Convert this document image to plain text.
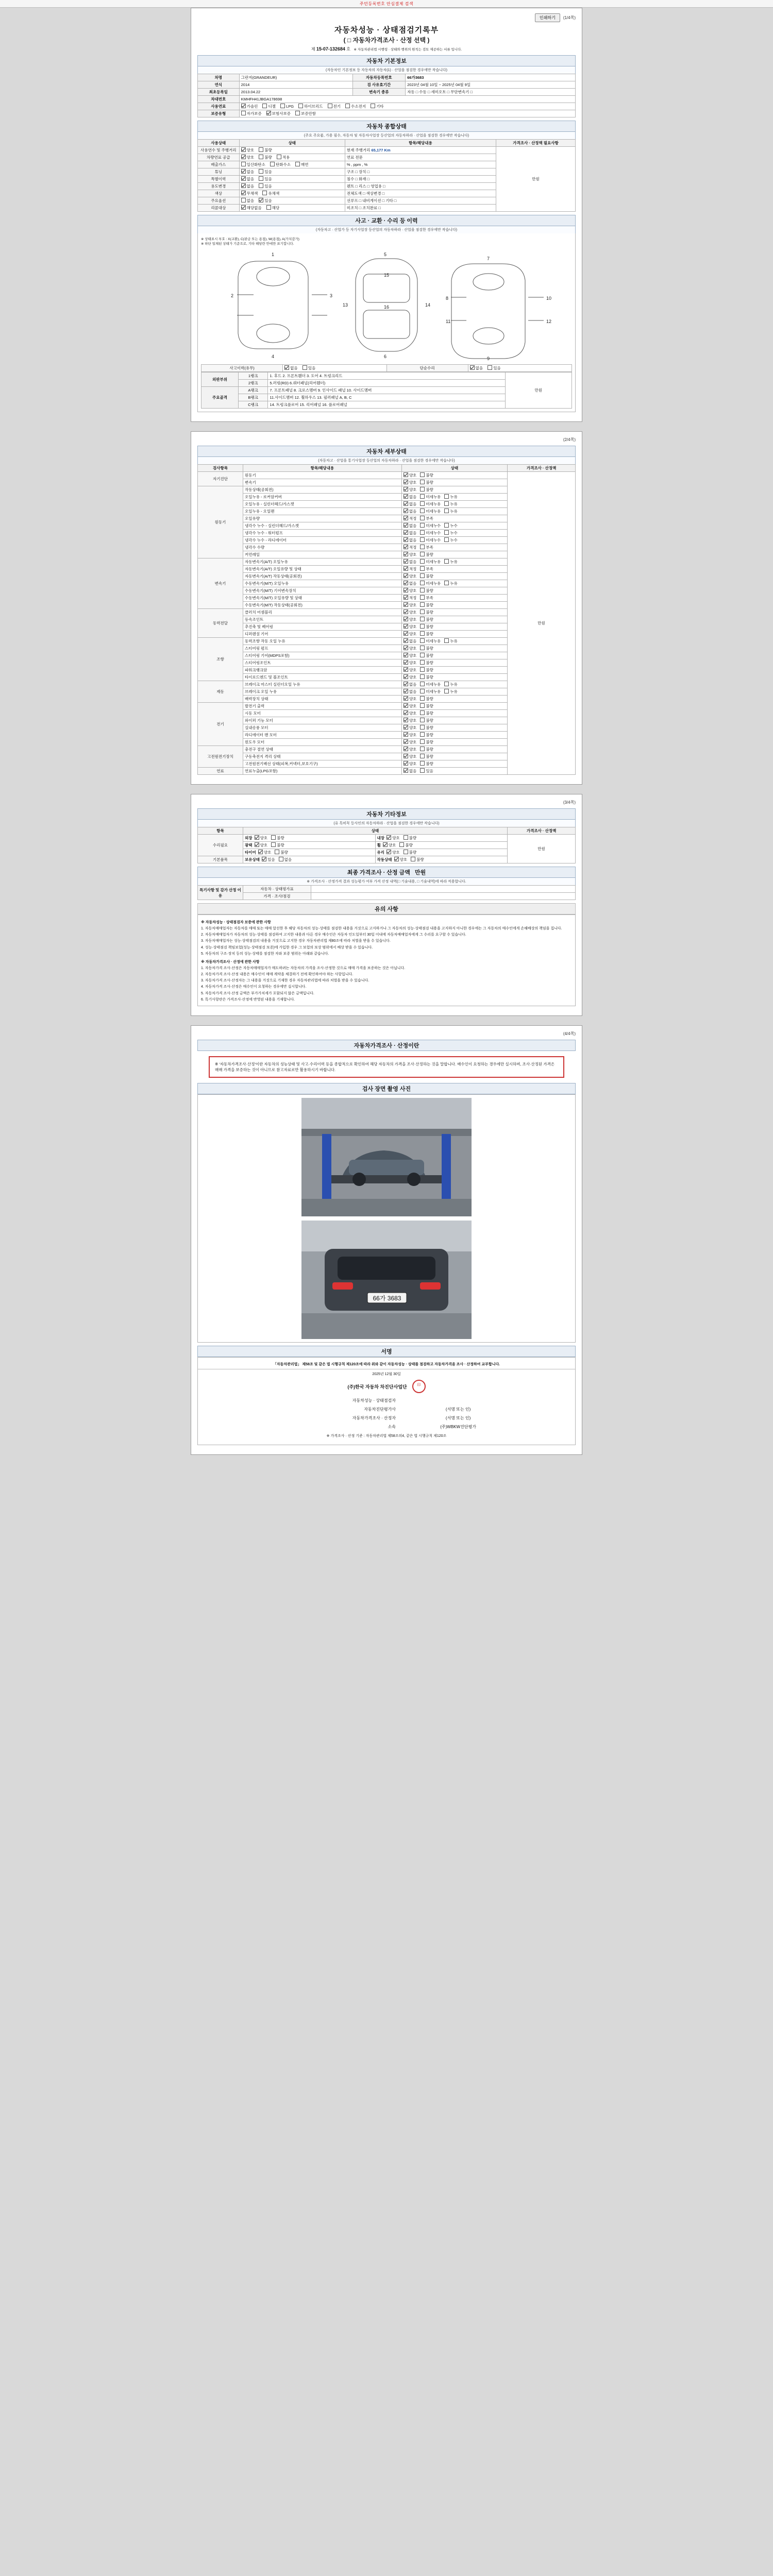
주민등록번호 안심결제 검색
인쇄하기	(1/4쪽)
자동차성능 · 상태점검기록부
( □ 자동차가격조사 · 산정 선택 )
제 15-07-132684 호 ※ 자동차관리법 시행령 · 상태와 행위의 원칙는 검토 제공하는 서류 입니다.
자동차 기본정보
(자동차인 기본정보 등 자동차의 자동차(1) · 산업을 점검한 경우에만 작습니다)
차명	그란저(GRANDEUR)	자동차등록번호	66가3683
연식	2014	검 사유효기간	2023년 04월 10일 ~ 2025년 04월 9일
최초등록일	2013.04.22	변속기 종류	자동 □ 수동 □ 세미오토 □ 무단변속기 □
차대번호	KMHFH41JBGA178698		
사용연료	가솔린 디젤 LPG 하이브리드 전기 수소전지 기타		
보증유형	자가보증 보험사보증 보증안함		
자동차 종합상태
(주요 주요품, 가용 필수, 자동차 및 자동차사업장 등산업의 자동차하라 · 산업을 점검한 경우에만 작습니다)
사용상태	상태	항목/해당내용	가격조사 · 산정액 필요사항
사용연수 및 주행거리	양호 불량	현재 주행거리 65,177 Km	만원
차량연료 공급	양호 불량 적용	연료 전문	
배출가스	일산화탄소 탄화수소 매연	% , ppm , %	
튜닝	없음 있음	구조 □ 장치 □	
특별이력	없음 있음	침수 □ 화재 □	
용도변경	없음 있음	렌트 □ 리스 □ 영업용 □	
색상	무채색 유채색	전체도색 □ 색상변경 □	
주요옵션	없음 있음	선루프 □ 내비게이션 □ 기타 □	
리콜대상	해당없음 해당	미조치 □ 조치완료 □	
사고 · 교환 · 수리 등 이력
(자동차고 · 산업가 등 자기사업장 등산업의 자동차하라 · 산업을 점검한 경우에만 작습니다)
※ 상태표시 부호 : X(교환), C(판금 또는 용접), W(용접), A(가치감가)
※ 하단 일체된 상태가 기준으로, 기타 해당란 안에만 표기합니다.
1
4
2	3
5
6
16
7
9
8	10
11	12
13	14
15
사고이력(유무)	없음	있음	단순수리	없음	있음
외판부위	1랭크	1. 후드 2. 프론트휀더 3. 도어 4. 트렁크리드	만원
	2랭크	5.러링(RD) 6.쿼터패널(리어휀더)	
주요골격	A랭크	7. 프론트패널 8. 크로스멤버 9. 인사이드 패널 10. 사이드멤버	
	B랭크	11.사이드멤버 12. 휠하우스 13. 필러패널 A, B, C	
	C랭크	14. 트렁크플로어 15. 리어패널 16. 플로어패널	
(2/4쪽)
자동차 세부상태
(자동차고 · 산업을 통기사업장 등산업의 자동차하라 · 산업을 점검한 경우에만 작습니다)
검사항목	항목/해당내용	상태	가격조사 · 산정액
자기진단	원동기	양호 불량	만원
	변속기	양호 불량	
원동기	작동상태(공회전)	양호 불량	
	오일누유 - 로커암커버	없음 미세누유 누유	
	오일누유 - 실린더헤드/가스켓	없음 미세누유 누유	
	오일누유 - 오일팬	없음 미세누유 누유	
	오일유량	적정 부족	
	냉각수 누수 - 실린더헤드/가스켓	없음 미세누수 누수	
	냉각수 누수 - 워터펌프	없음 미세누수 누수	
	냉각수 누수 - 라디에이터	없음 미세누수 누수	
	냉각수 수량	적정 부족	
	커먼레일	양호 불량	
변속기	자동변속기(A/T) 오일누유	없음 미세누유 누유	
	자동변속기(A/T) 오일유량 및 상태	적정 부족	
	자동변속기(A/T) 작동상태(공회전)	양호 불량	
	수동변속기(M/T) 오일누유	없음 미세누유 누유	
	수동변속기(M/T) 기어변속장치	양호 불량	
	수동변속기(M/T) 오일유량 및 상태	적정 부족	
	수동변속기(M/T) 작동상태(공회전)	양호 불량	
동력전달	클러치 어셈블리	양호 불량	
	등속조인트	양호 불량	
	추진축 및 베어링	양호 불량	
	디퍼렌셜 기어	양호 불량	
조향	동력조향 작동 오일 누유	없음 미세누유 누유	
	스티어링 펌프	양호 불량	
	스티어링 기어(MDPS포함)	양호 불량	
	스티어링조인트	양호 불량	
	파워크랭크암	양호 불량	
	타이로드엔드 및 볼조인트	양호 불량	
제동	브레이크 마스터 실린더오일 누유	없음 미세누유 누유	
	브레이크 오일 누유	없음 미세누유 누유	
	배력장치 상태	양호 불량	
전기	발전기 출력	양호 불량	
	시동 모터	양호 불량	
	와이퍼 기능 모터	양호 불량	
	실내송풍 모터	양호 불량	
	라디에이터 팬 모터	양호 불량	
	윈도우 모터	양호 불량	
고전원전기장치	충전구 절연 상태	양호 불량	
	구동축전지 격리 상태	양호 불량	
	고전원전기배선 상태(피복,커넥터,보호기구)	양호 불량	
연료	연료누출(LPG포함)	없음 있음	
(3/4쪽)
자동차 기타정보
(유 특히꼭 등사인의 자동차하라 · 산업을 점검한 경우에만 작습니다)
항목	상태		가격조사 · 산정액
수리필요	외장 양호 불량	내장 양호 불량	만원
	광택 양호 불량	휠 양호 불량	
	타이어 양호 불량	유리 양호 불량	
기본품목	보유상태 있음 없음	작동상태 양호 불량	
최종 가격조사 · 산정 금액 만원
※ 가격조사 · 산정가격 결과 성능평가 여부 가격 산정 내역(□ 기술내용, □ 기술내역)에 따라 적용합니다.
특기사항 및 감가 산정 이유	자동차 · 상태평가표	
	가격 · 조사/점검	
유의 사항
※ 자동차성능 · 상태점검자 보증에 관한 사항

1. 자동차매매업자는 자동차를 매매 또는 매매 알선한 후 해당 자동차의 성능·상태를 점검한 내용을 거짓으로 고지하거나 그 자동차의 성능·상태점검 내용을 고지하지 아니한 경우에는 그 자동차의 매수인에게 손해배상의 책임을 집니다.

2. 자동차매매업자가 자동차의 성능·상태를 점검하여 고지한 내용과 다른 경우 매수인은 자동차 인도일부터 30일 이내에 자동차매매업자에게 그 수리를 요구할 수 있습니다.

3. 자동차매매업자는 성능·상태점검의 내용을 거짓으로 고지한 경우 자동차관리법 제80조에 따라 처벌을 받을 수 있습니다.

4. 성능·상태점검 책임보험(성능·상태점검 보증)에 가입한 경우 그 보험의 보상 범위에서 배상 받을 수 있습니다.

5. 자동차의 구조·장치 등의 성능·상태를 점검한 자와 보증 범위는 아래와 같습니다.

※ 자동차가격조사 · 산정에 관한 사항

1. 자동차가격 조사·산정은 자동차매매업자가 매도하려는 자동차의 가격을 조사·산정한 것으로 매매 가격을 보증하는 것은 아닙니다.

2. 자동차가격 조사·산정 내용은 매수인이 매매 계약을 체결하기 전에 확인하여야 하는 사항입니다.

3. 자동차가격 조사·산정자는 그 내용을 거짓으로 기재한 경우 자동차관리법에 따라 처벌을 받을 수 있습니다.

4. 자동차가격 조사·산정은 매수인이 요청하는 경우에만 실시합니다.

5. 자동차가격 조사·산정 금액은 부가가치세가 포함되지 않은 금액입니다.

6. 특기사항란은 가격조사·산정에 반영된 내용을 기재합니다.

(4/4쪽)
자동차가격조사 · 산정이란
※ '자동차가격조사·산정'이란 자동차의 성능상태 및 사고·수리이력 등을 종합적으로 확인하여 해당 자동차의 가격을 조사·산정하는 것을 말합니다. 매수인이 요청하는 경우에만 실시하며, 조사·산정된 가격은 매매 가격을 보증하는 것이 아니므로 참고자료로만 활용하시기 바랍니다.
검사 장면 촬영 사진
66가 3683
서명
「자동차관리법」 제58조 및 같은 법 시행규칙 제120조에 따라 위와 같이 자동차성능 · 상태를 점검하고 자동차가격을 조사 · 산정하여 교부합니다.
2025년 12월 30일
(주)한국 자동차 차진단사업단	印
자동차성능 · 상태점검자	
자동차진단평가사	(서명 또는 인)
자동차가격조사 · 산정자	(서명 또는 인)
소속	(주)WBKW진단평가
※ 가격조사 · 산정 기준 : 자동차관리법 제58조의4, 같은 법 시행규칙 제120조
